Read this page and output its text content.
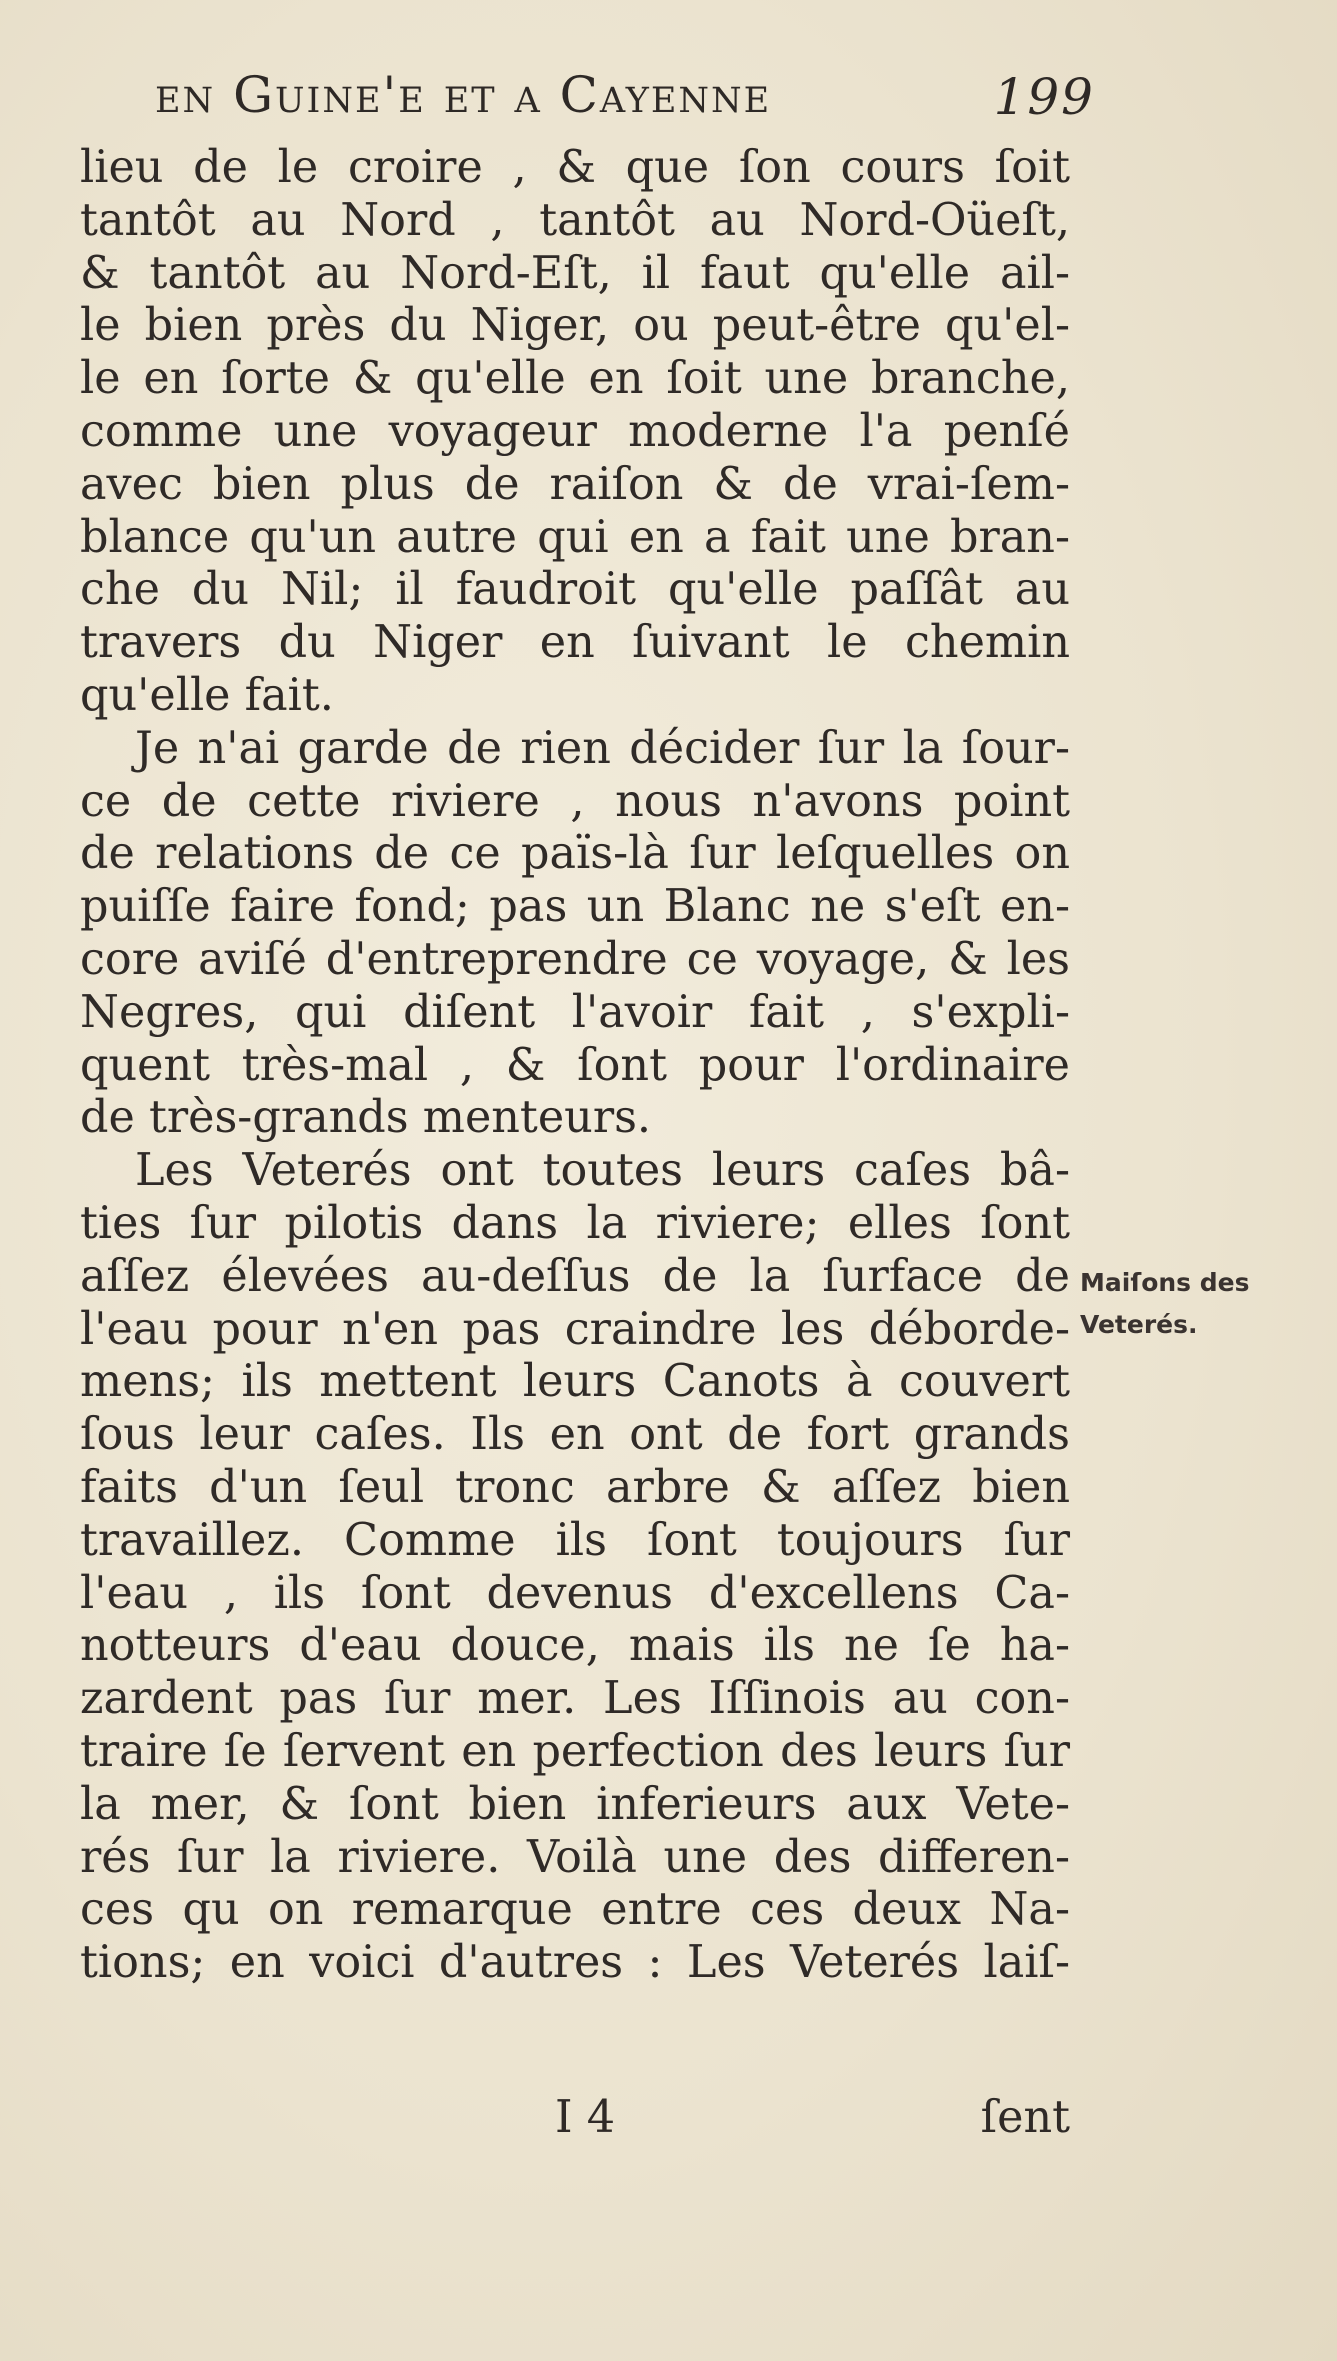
en Guine'e et a Cayenne	199
lieu de le croire , & que ſon cours ſoit
tantôt au Nord , tantôt au Nord-Oüeſt,
& tantôt au Nord-Eſt, il faut qu'elle ail-
le bien près du Niger, ou peut-être qu'el-
le en ſorte & qu'elle en ſoit une branche,
comme une voyageur moderne l'a penſé
avec bien plus de raiſon & de vrai-ſem-
blance qu'un autre qui en a fait une bran-
che du Nil; il faudroit qu'elle paſſât au
travers du Niger en ſuivant le chemin
qu'elle fait.
Je n'ai garde de rien décider ſur la ſour-
ce de cette riviere , nous n'avons point
de relations de ce païs-là ſur leſquelles on
puiſſe faire fond; pas un Blanc ne s'eſt en-
core aviſé d'entreprendre ce voyage, & les
Negres, qui diſent l'avoir fait , s'expli-
quent très-mal , & ſont pour l'ordinaire
de très-grands menteurs.
Les Veterés ont toutes leurs caſes bâ-
ties ſur pilotis dans la riviere; elles ſont
aſſez élevées au-deſſus de la ſurface de
l'eau pour n'en pas craindre les déborde-
mens; ils mettent leurs Canots à couvert
ſous leur caſes. Ils en ont de fort grands
faits d'un ſeul tronc arbre & aſſez bien
travaillez. Comme ils ſont toujours ſur
l'eau , ils ſont devenus d'excellens Ca-
notteurs d'eau douce, mais ils ne ſe ha-
zardent pas ſur mer. Les Iſſinois au con-
traire ſe ſervent en perfection des leurs ſur
la mer, & ſont bien inferieurs aux Vete-
rés ſur la riviere. Voilà une des differen-
ces qu on remarque entre ces deux Na-
tions; en voici d'autres : Les Veterés laiſ-
Maiſons des
Veterés.
I 4	ſent
